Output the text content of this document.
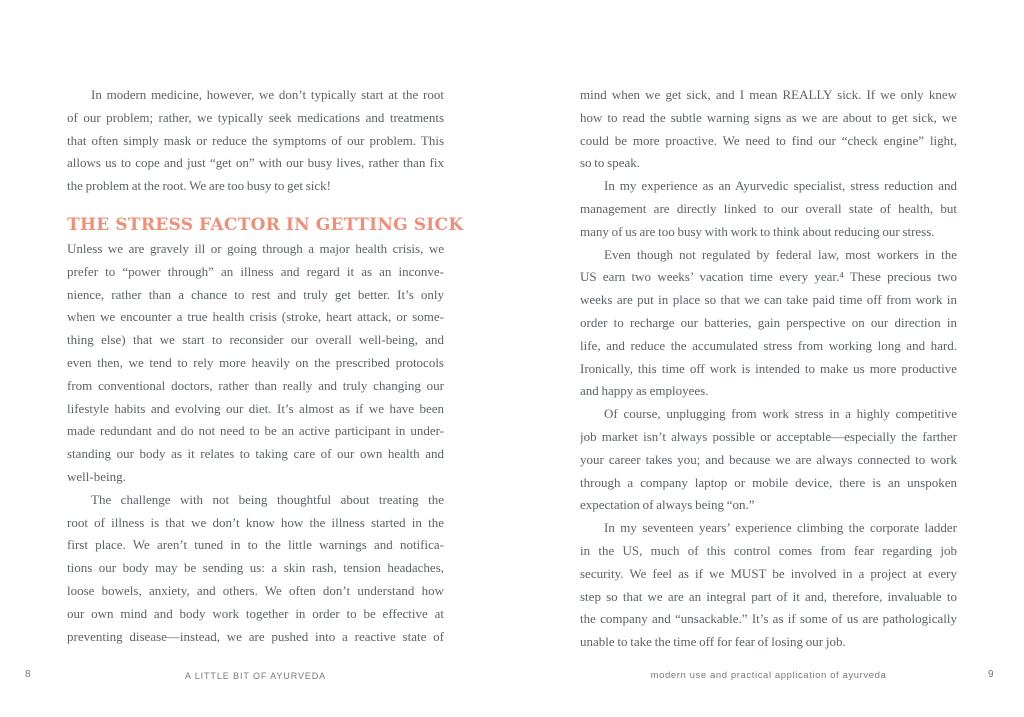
In modern medicine, however, we don’t typically start at the root
of our problem; rather, we typically seek medications and treatments
that often simply mask or reduce the symptoms of our problem. This
allows us to cope and just “get on” with our busy lives, rather than fix
the problem at the root. We are too busy to get sick!
THE STRESS FACTOR IN GETTING SICK
Unless we are gravely ill or going through a major health crisis, we
prefer to “power through” an illness and regard it as an inconve-
nience, rather than a chance to rest and truly get better. It’s only
when we encounter a true health crisis (stroke, heart attack, or some-
thing else) that we start to reconsider our overall well-being, and
even then, we tend to rely more heavily on the prescribed protocols
from conventional doctors, rather than really and truly changing our
lifestyle habits and evolving our diet. It’s almost as if we have been
made redundant and do not need to be an active participant in under-
standing our body as it relates to taking care of our own health and
well-being.
The challenge with not being thoughtful about treating the
root of illness is that we don’t know how the illness started in the
first place. We aren’t tuned in to the little warnings and notifica-
tions our body may be sending us: a skin rash, tension headaches,
loose bowels, anxiety, and others. We often don’t understand how
our own mind and body work together in order to be effective at
preventing disease—instead, we are pushed into a reactive state of
mind when we get sick, and I mean REALLY sick. If we only knew
how to read the subtle warning signs as we are about to get sick, we
could be more proactive. We need to find our “check engine” light,
so to speak.
In my experience as an Ayurvedic specialist, stress reduction and
management are directly linked to our overall state of health, but
many of us are too busy with work to think about reducing our stress.
Even though not regulated by federal law, most workers in the
US earn two weeks’ vacation time every year.⁴ These precious two
weeks are put in place so that we can take paid time off from work in
order to recharge our batteries, gain perspective on our direction in
life, and reduce the accumulated stress from working long and hard.
Ironically, this time off work is intended to make us more productive
and happy as employees.
Of course, unplugging from work stress in a highly competitive
job market isn’t always possible or acceptable—especially the farther
your career takes you; and because we are always connected to work
through a company laptop or mobile device, there is an unspoken
expectation of always being “on.”
In my seventeen years’ experience climbing the corporate ladder
in the US, much of this control comes from fear regarding job
security. We feel as if we MUST be involved in a project at every
step so that we are an integral part of it and, therefore, invaluable to
the company and “unsackable.” It’s as if some of us are pathologically
unable to take the time off for fear of losing our job.
8	A LITTLE BIT OF AYURVEDA	modern use and practical application of ayurveda	9
